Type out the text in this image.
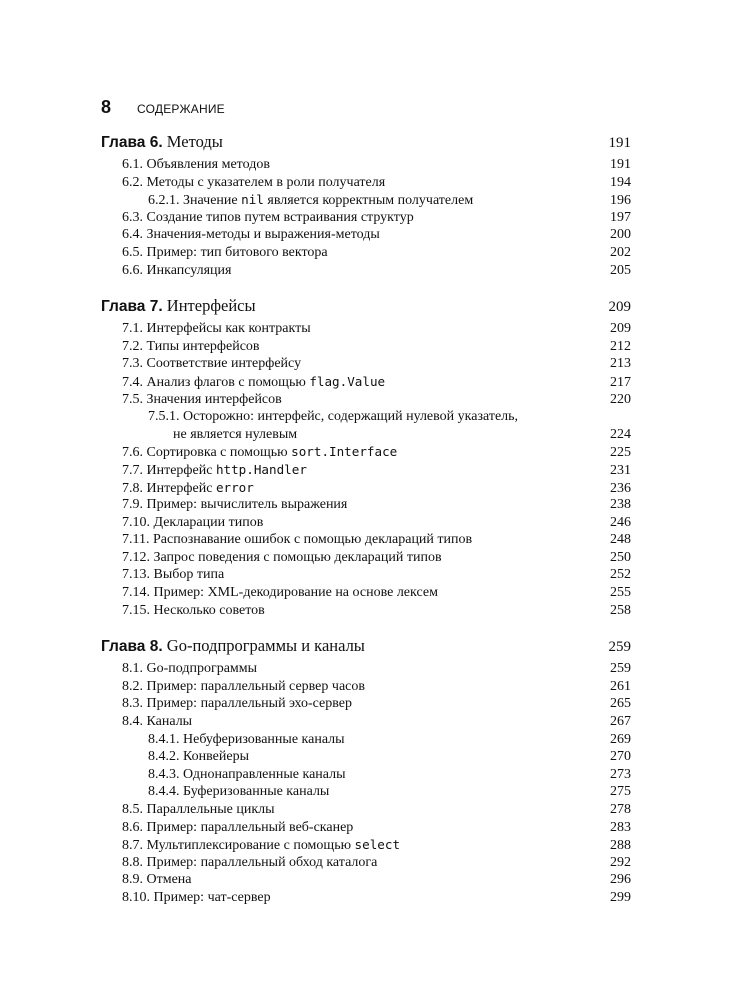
8 СОДЕРЖАНИЕ
Глава 6. Методы	191
6.1. Объявления методов	191
6.2. Методы с указателем в роли получателя	194
6.2.1. Значение nil является корректным получателем	196
6.3. Создание типов путем встраивания структур	197
6.4. Значения-методы и выражения-методы	200
6.5. Пример: тип битового вектора	202
6.6. Инкапсуляция	205
Глава 7. Интерфейсы	209
7.1. Интерфейсы как контракты	209
7.2. Типы интерфейсов	212
7.3. Соответствие интерфейсу	213
7.4. Анализ флагов с помощью flag.Value	217
7.5. Значения интерфейсов	220
7.5.1. Осторожно: интерфейс, содержащий нулевой указатель,
не является нулевым	224
7.6. Сортировка с помощью sort.Interface	225
7.7. Интерфейс http.Handler	231
7.8. Интерфейс error	236
7.9. Пример: вычислитель выражения	238
7.10. Декларации типов	246
7.11. Распознавание ошибок с помощью деклараций типов	248
7.12. Запрос поведения с помощью деклараций типов	250
7.13. Выбор типа	252
7.14. Пример: XML-декодирование на основе лексем	255
7.15. Несколько советов	258
Глава 8. Go-подпрограммы и каналы	259
8.1. Go-подпрограммы	259
8.2. Пример: параллельный сервер часов	261
8.3. Пример: параллельный эхо-сервер	265
8.4. Каналы	267
8.4.1. Небуферизованные каналы	269
8.4.2. Конвейеры	270
8.4.3. Однонаправленные каналы	273
8.4.4. Буферизованные каналы	275
8.5. Параллельные циклы	278
8.6. Пример: параллельный веб-сканер	283
8.7. Мультиплексирование с помощью select	288
8.8. Пример: параллельный обход каталога	292
8.9. Отмена	296
8.10. Пример: чат-сервер	299
